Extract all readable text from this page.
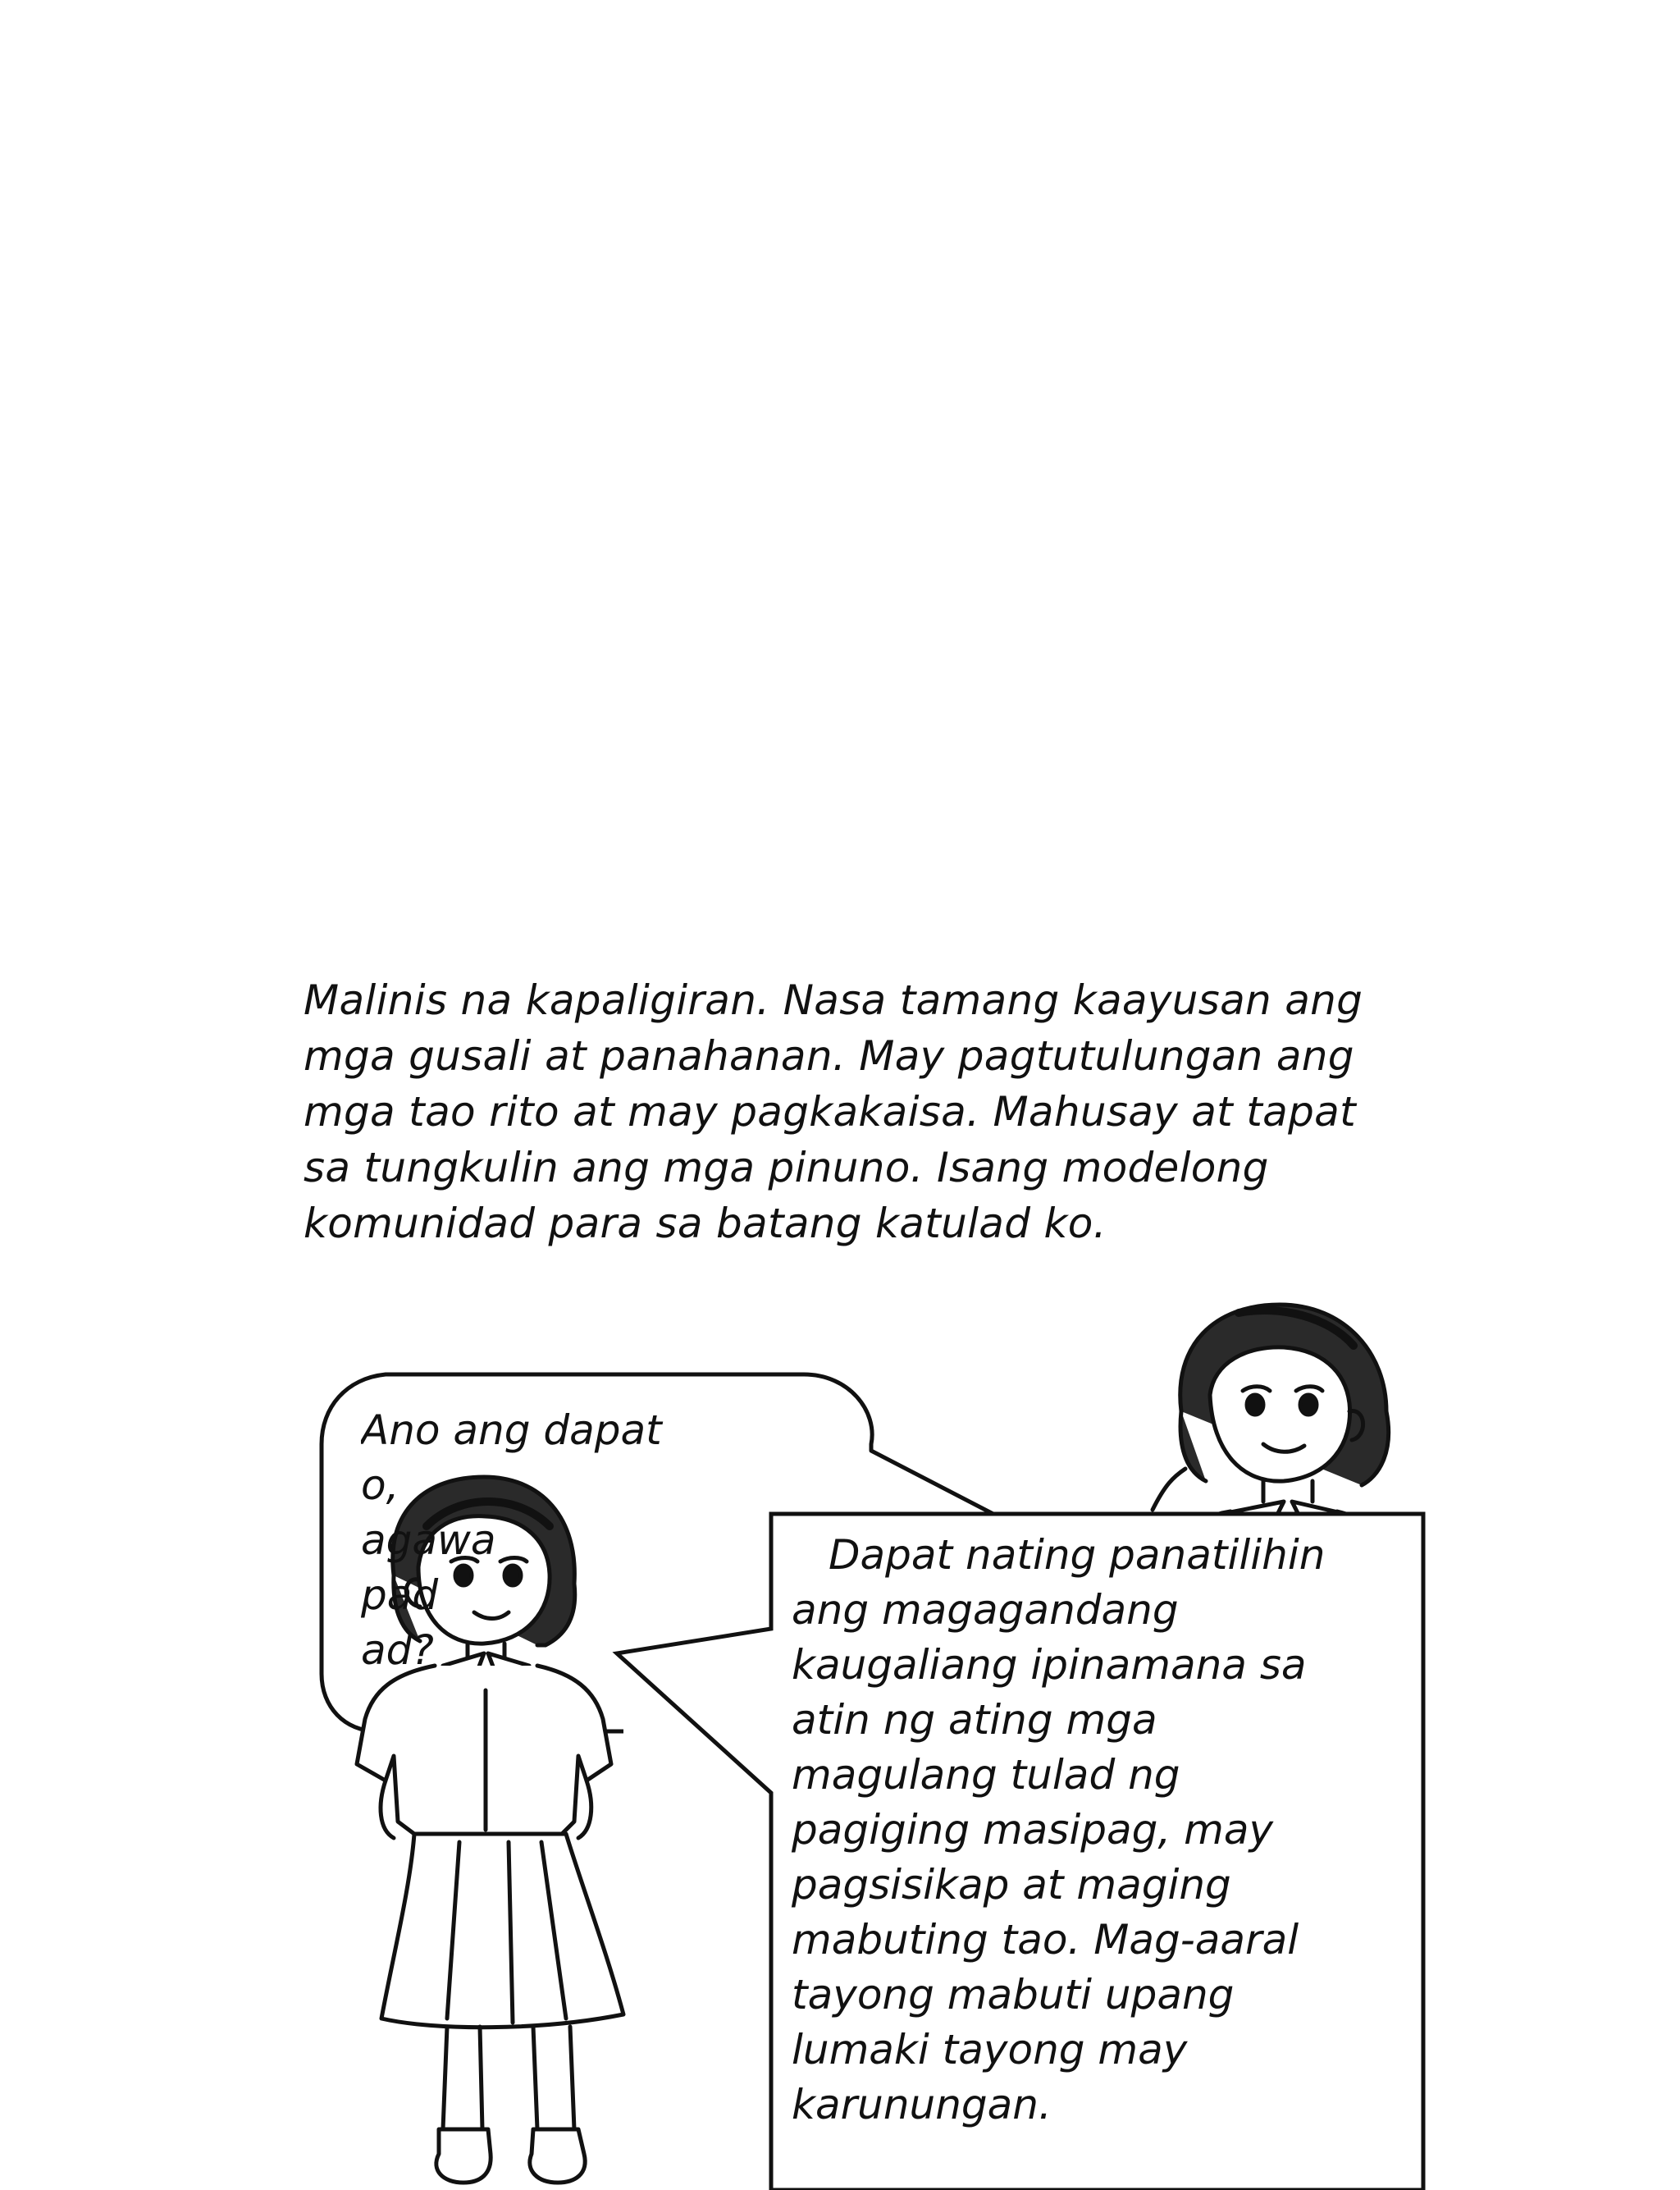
Malinis na kapaligiran. Nasa tamang kaayusan ang
mga gusali at panahanan. May pagtutulungan ang
mga tao rito at may pagkakaisa. Mahusay at tapat
sa tungkulin ang mga pinuno. Isang modelong
komunidad para sa batang katulad ko.
Ano ang dapat
o,
agawa
pad
ad?
Dapat nating panatilihin
ang magagandang
kaugaliang ipinamana sa
atin ng ating mga
magulang tulad ng
pagiging masipag, may
pagsisikap at maging
mabuting tao. Mag-aaral
tayong mabuti upang
lumaki tayong may
karunungan.
